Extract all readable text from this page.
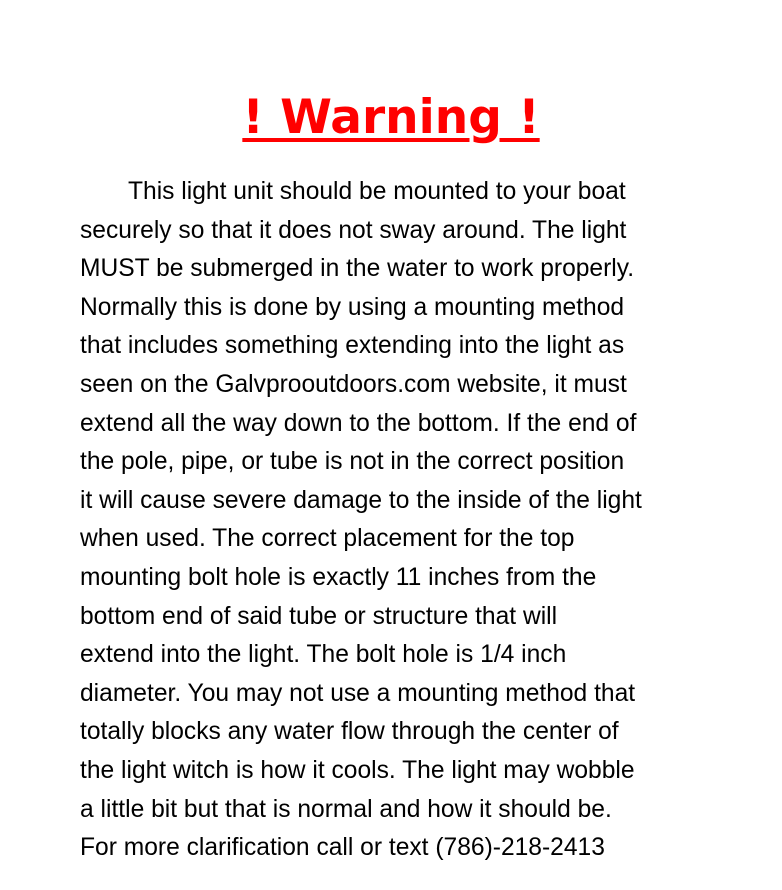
! Warning !
This light unit should be mounted to your boat
securely so that it does not sway around. The light
MUST be submerged in the water to work properly.
Normally this is done by using a mounting method
that includes something extending into the light as
seen on the Galvprooutdoors.com website, it must
extend all the way down to the bottom. If the end of
the pole, pipe, or tube is not in the correct position
it will cause severe damage to the inside of the light
when used. The correct placement for the top
mounting bolt hole is exactly 11 inches from the
bottom end of said tube or structure that will
extend into the light. The bolt hole is 1/4 inch
diameter. You may not use a mounting method that
totally blocks any water flow through the center of
the light witch is how it cools. The light may wobble
a little bit but that is normal and how it should be.
For more clarification call or text (786)-218-2413
